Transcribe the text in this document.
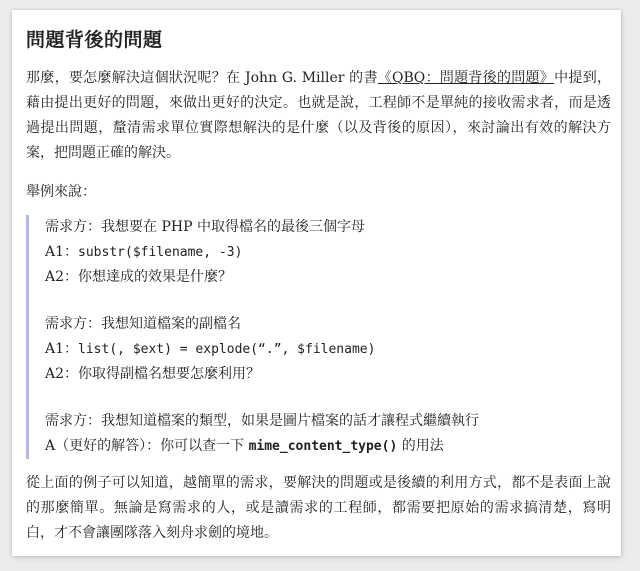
問題背後的問題

那麼，要怎麼解決這個狀況呢？在 John G. Miller 的書《QBQ：問題背後的問題》中提到，藉由提出更好的問題，來做出更好的決定。也就是說，工程師不是單純的接收需求者，而是透過提出問題，釐清需求單位實際想解決的是什麼（以及背後的原因），來討論出有效的解決方案，把問題正確的解決。

舉例來說：

需求方：我想要在 PHP 中取得檔名的最後三個字母
A1：substr($filename, -3)
A2：你想達成的效果是什麼？
需求方：我想知道檔案的副檔名
A1：list(, $ext) = explode(“.”, $filename)
A2：你取得副檔名想要怎麼利用？
需求方：我想知道檔案的類型，如果是圖片檔案的話才讓程式繼續執行
A（更好的解答）：你可以查一下 mime_content_type() 的用法

從上面的例子可以知道，越簡單的需求，要解決的問題或是後續的利用方式，都不是表面上說的那麼簡單。無論是寫需求的人，或是讀需求的工程師，都需要把原始的需求搞清楚，寫明白，才不會讓團隊落入刻舟求劍的境地。
